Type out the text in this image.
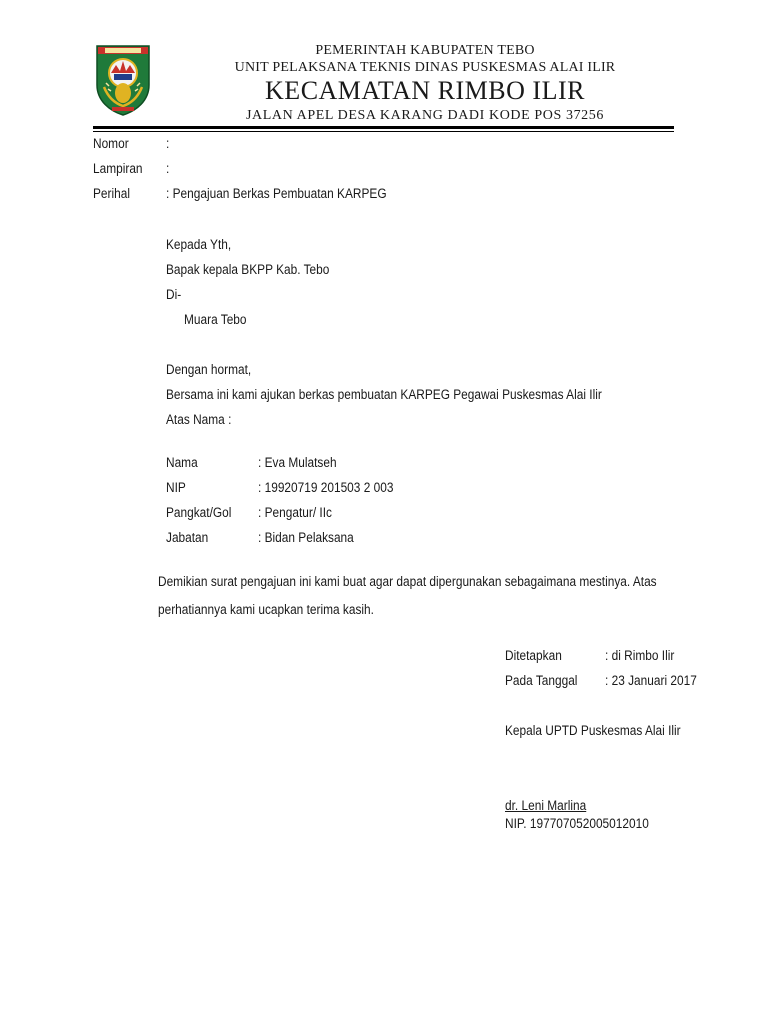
PEMERINTAH KABUPATEN TEBO
UNIT PELAKSANA TEKNIS DINAS PUSKESMAS ALAI ILIR
KECAMATAN RIMBO ILIR
JALAN APEL DESA KARANG DADI KODE POS 37256
Nomor	:
Lampiran :
Perihal	: Pengajuan Berkas Pembuatan KARPEG
Kepada Yth,
Bapak kepala BKPP Kab. Tebo
Di-
Muara Tebo
Dengan hormat,
Bersama ini kami ajukan berkas pembuatan KARPEG Pegawai Puskesmas Alai Ilir
Atas Nama :
Nama	: Eva Mulatseh
NIP	: 19920719 201503 2 003
Pangkat/Gol : Pengatur/ IIc
Jabatan	: Bidan Pelaksana
Demikian surat pengajuan ini kami buat agar dapat dipergunakan sebagaimana mestinya. Atas
perhatiannya kami ucapkan terima kasih.
Ditetapkan	: di Rimbo Ilir
Pada Tanggal : 23 Januari 2017
Kepala UPTD Puskesmas Alai Ilir
dr. Leni Marlina
NIP. 197707052005012010
